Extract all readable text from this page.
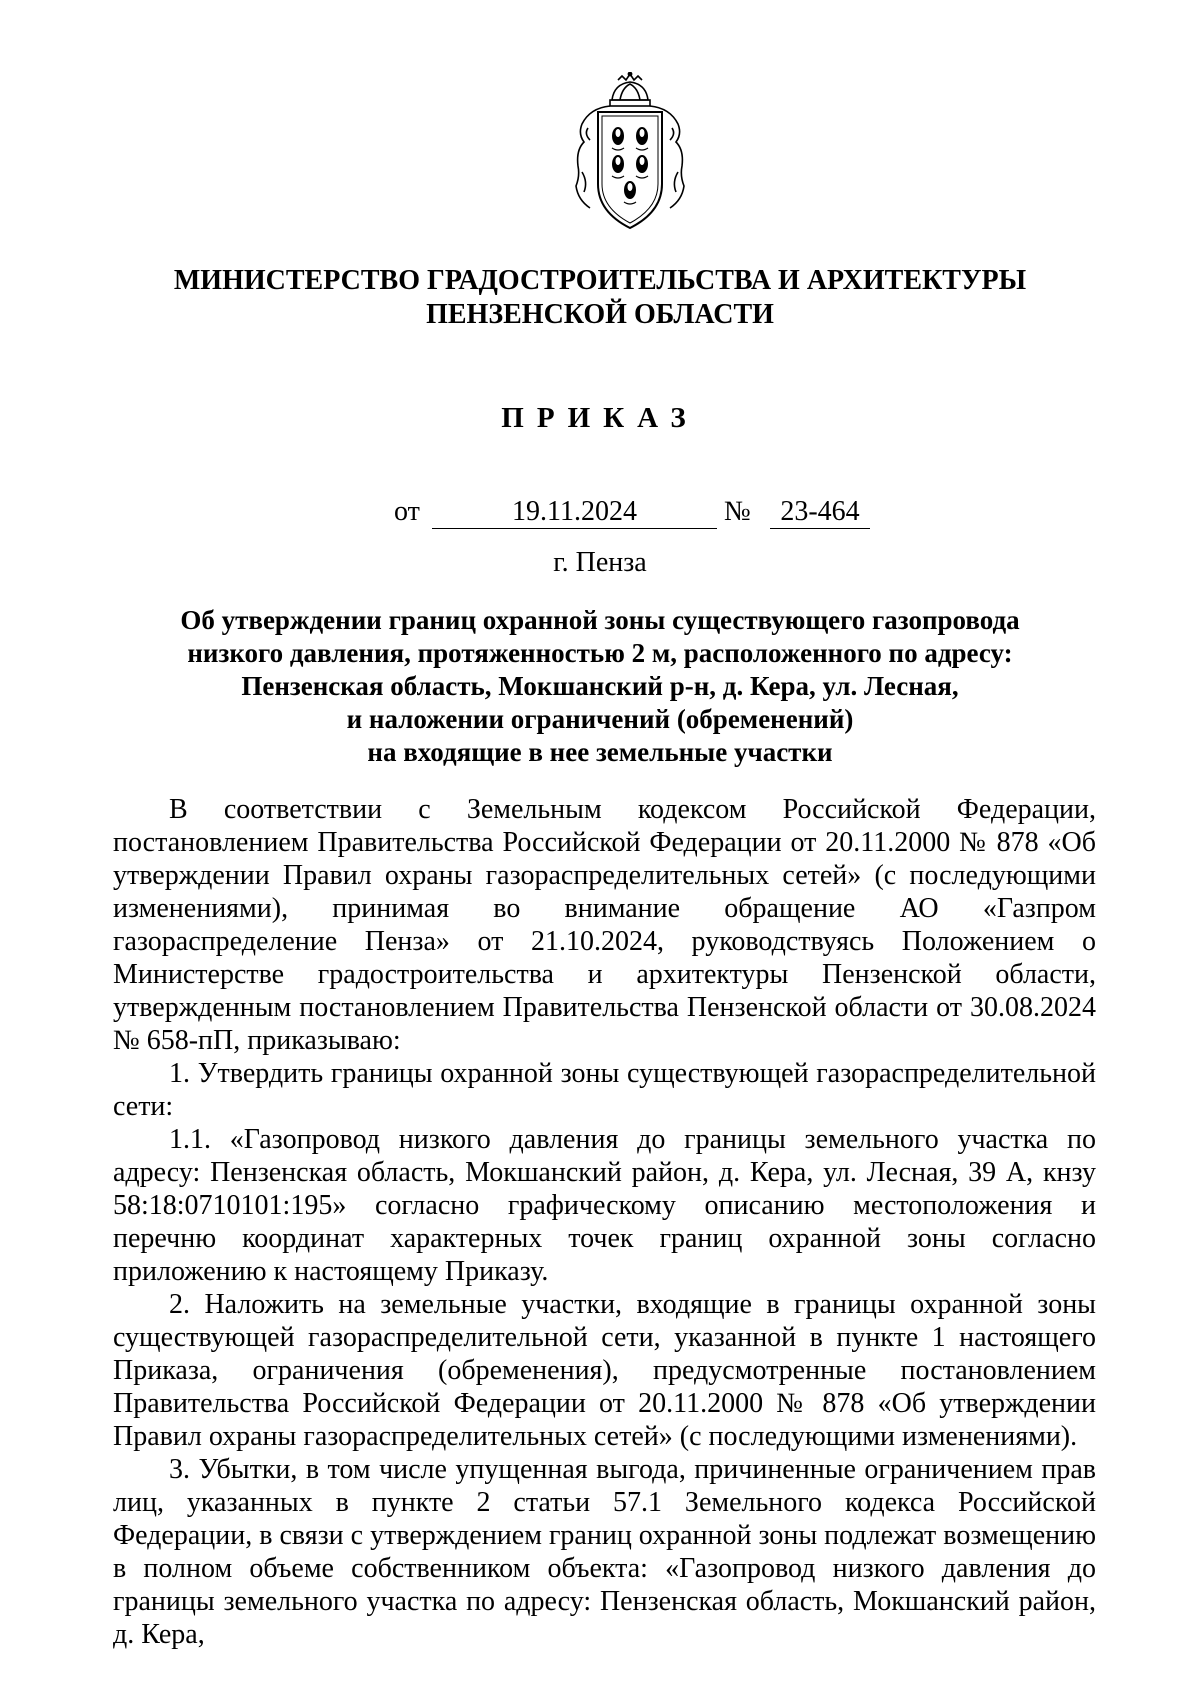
МИНИСТЕРСТВО ГРАДОСТРОИТЕЛЬСТВА И АРХИТЕКТУРЫ
ПЕНЗЕНСКОЙ ОБЛАСТИ
ПРИКАЗ
от	19.11.2024	№	23-464
г. Пенза
Об утверждении границ охранной зоны существующего газопровода
низкого давления, протяженностью 2 м, расположенного по адресу:
Пензенская область, Мокшанский р-н, д. Кера, ул. Лесная,
и наложении ограничений (обременений)
на входящие в нее земельные участки

В соответствии с Земельным кодексом Российской Федерации, постановлением Правительства Российской Федерации от 20.11.2000 № 878 «Об утверждении Правил охраны газораспределительных сетей» (с последующими изменениями), принимая во внимание обращение АО «Газпром газораспределение Пенза» от 21.10.2024, руководствуясь Положением о Министерстве градостроительства и архитектуры Пензенской области, утвержденным постановлением Правительства Пензенской области от 30.08.2024 № 658-пП, приказываю:

1. Утвердить границы охранной зоны существующей газораспределительной сети:

1.1. «Газопровод низкого давления до границы земельного участка по адресу: Пензенская область, Мокшанский район, д. Кера, ул. Лесная, 39 А, кнзу 58:18:0710101:195» согласно графическому описанию местоположения и перечню координат характерных точек границ охранной зоны согласно приложению к настоящему Приказу.

2. Наложить на земельные участки, входящие в границы охранной зоны существующей газораспределительной сети, указанной в пункте 1 настоящего Приказа, ограничения (обременения), предусмотренные постановлением Правительства Российской Федерации от 20.11.2000 № 878 «Об утверждении Правил охраны газораспределительных сетей» (с последующими изменениями).

3. Убытки, в том числе упущенная выгода, причиненные ограничением прав лиц, указанных в пункте 2 статьи 57.1 Земельного кодекса Российской Федерации, в связи с утверждением границ охранной зоны подлежат возмещению в полном объеме собственником объекта: «Газопровод низкого давления до границы земельного участка по адресу: Пензенская область, Мокшанский район, д. Кера,
